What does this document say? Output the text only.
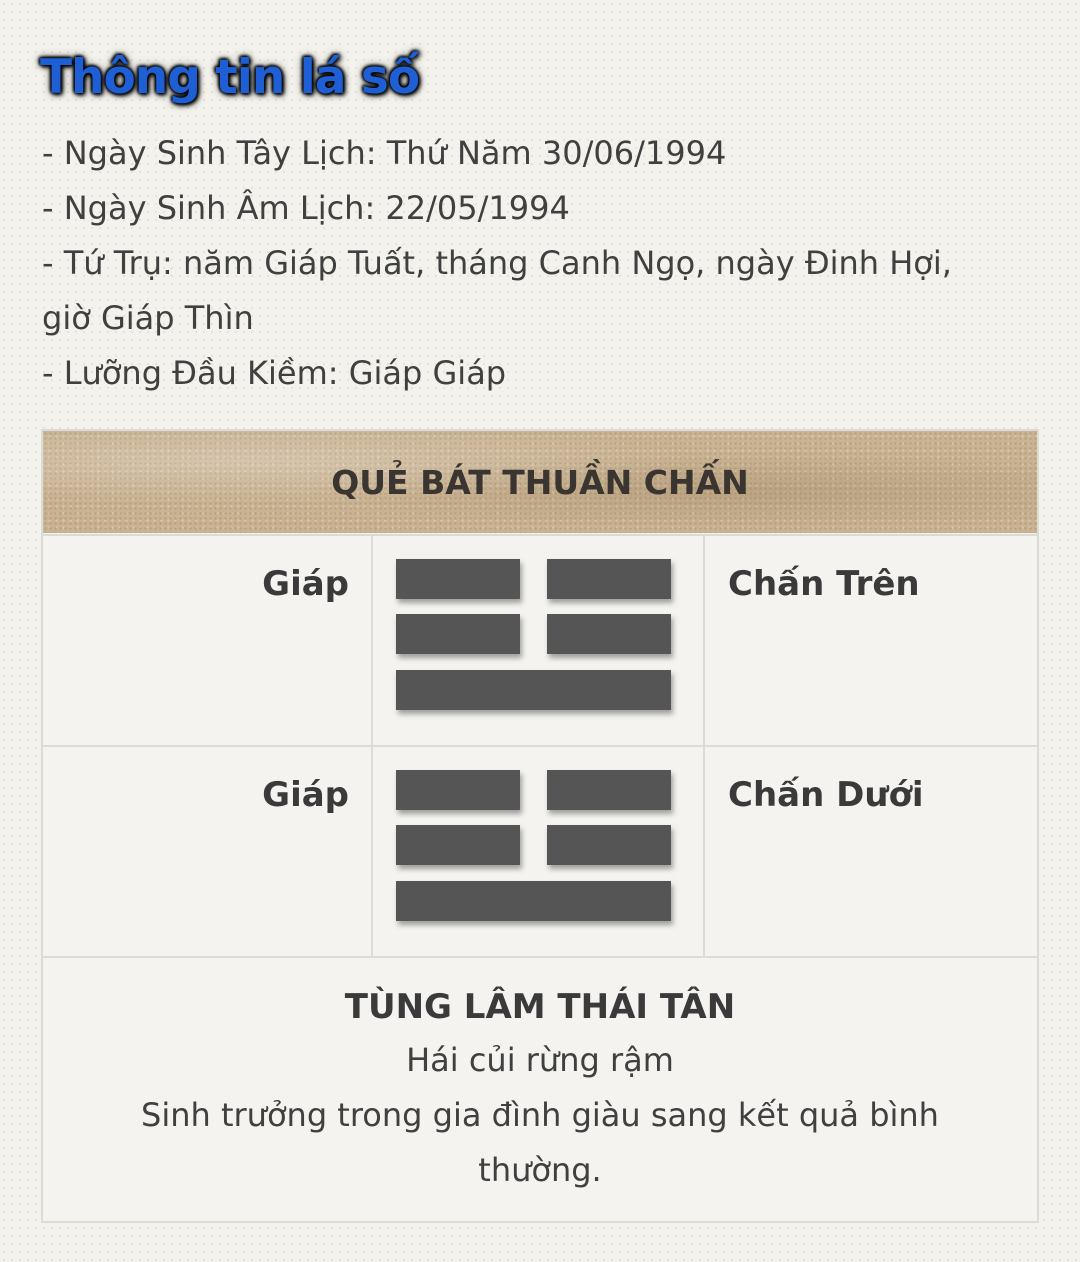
Thông tin lá số
- Ngày Sinh Tây Lịch: Thứ Năm 30/06/1994
- Ngày Sinh Âm Lịch: 22/05/1994
- Tứ Trụ: năm Giáp Tuất, tháng Canh Ngọ, ngày Đinh Hợi,
giờ Giáp Thìn
- Lưỡng Đầu Kiềm: Giáp Giáp
QUẺ BÁT THUẦN CHẤN
Giáp	Chấn Trên
Giáp	Chấn Dưới
TÙNG LÂM THÁI TÂN
Hái củi rừng rậm
Sinh trưởng trong gia đình giàu sang kết quả bình thường.
